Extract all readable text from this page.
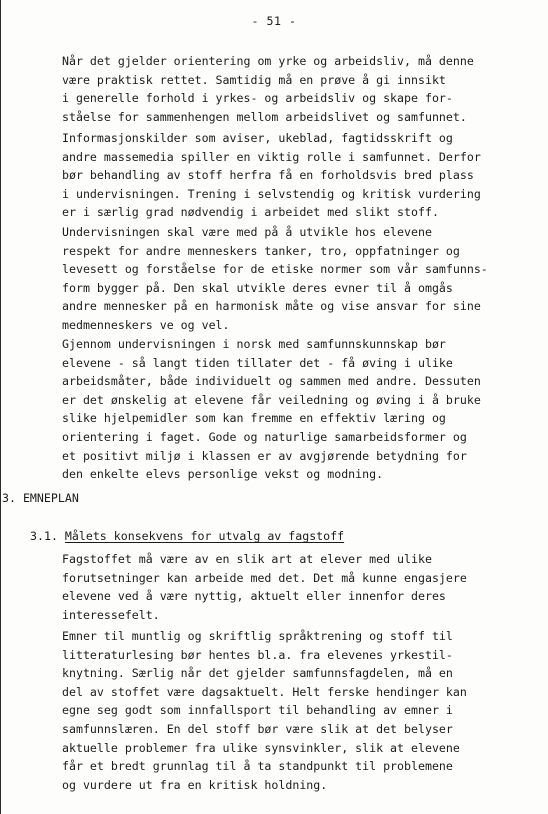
- 51 -
Når det gjelder orientering om yrke og arbeidsliv, må denne
være praktisk rettet. Samtidig må en prøve å gi innsikt
i generelle forhold i yrkes- og arbeidsliv og skape for-
ståelse for sammenhengen mellom arbeidslivet og samfunnet.
Informasjonskilder som aviser, ukeblad, fagtidsskrift og
andre massemedia spiller en viktig rolle i samfunnet. Derfor
bør behandling av stoff herfra få en forholdsvis bred plass
i undervisningen. Trening i selvstendig og kritisk vurdering
er i særlig grad nødvendig i arbeidet med slikt stoff.
Undervisningen skal være med på å utvikle hos elevene
respekt for andre menneskers tanker, tro, oppfatninger og
levesett og forståelse for de etiske normer som vår samfunns-
form bygger på. Den skal utvikle deres evner til å omgås
andre mennesker på en harmonisk måte og vise ansvar for sine
medmenneskers ve og vel.
Gjennom undervisningen i norsk med samfunnskunnskap bør
elevene - så langt tiden tillater det - få øving i ulike
arbeidsmåter, både individuelt og sammen med andre. Dessuten
er det ønskelig at elevene får veiledning og øving i å bruke
slike hjelpemidler som kan fremme en effektiv læring og
orientering i faget. Gode og naturlige samarbeidsformer og
et positivt miljø i klassen er av avgjørende betydning for
den enkelte elevs personlige vekst og modning.
3. EMNEPLAN
3.1. Målets konsekvens for utvalg av fagstoff
Fagstoffet må være av en slik art at elever med ulike
forutsetninger kan arbeide med det. Det må kunne engasjere
elevene ved å være nyttig, aktuelt eller innenfor deres
interessefelt.
Emner til muntlig og skriftlig språktrening og stoff til
litteraturlesing bør hentes bl.a. fra elevenes yrkestil-
knytning. Særlig når det gjelder samfunnsfagdelen, må en
del av stoffet være dagsaktuelt. Helt ferske hendinger kan
egne seg godt som innfallsport til behandling av emner i
samfunnslæren. En del stoff bør være slik at det belyser
aktuelle problemer fra ulike synsvinkler, slik at elevene
får et bredt grunnlag til å ta standpunkt til problemene
og vurdere ut fra en kritisk holdning.
